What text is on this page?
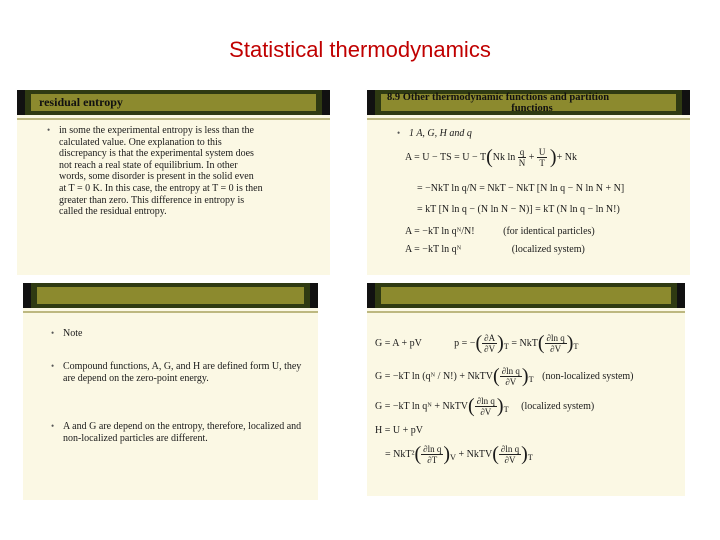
Statistical thermodynamics
residual entropy
• in some the experimental entropy is less than the
calculated value. One explanation to this
discrepancy is that the experimental system does
not reach a real state of equilibrium. In other
words, some disorder is present in the solid even
at T = 0 K. In this case, the entropy at T = 0 is then
greater than zero. This difference in entropy is
called the residual entropy.
8.9 Other thermodynamic functions and partition
functions
• 1 A, G, H and q
A = U − TS = U − T(Nk $\ln \frac{q}{N} + \frac{U}{T}$ )+ Nk
= −NkT ln q/N = NkT − NkT [N ln q − N ln N + N]
= kT [N ln q − (N ln N − N)] = kT (N ln q − ln N!)
A = −kT ln qᴺ/N!	(for identical particles)
A = −kT ln qᴺ	(localized system)
• Note
• Compound functions, A, G, and H are defined form U, they are depend on the zero-point energy.
• A and G are depend on the entropy, therefore, localized and non-localized particles are different.
G = A + pV	p = −( $\frac{\partial A}{\partial V} )_T = NkT( \frac{\text{∂ln q}}{\partial V} )_T$
G = −kT ln (qᴺ / N!) + NkTV( $\frac{\text{∂ln q}}{\partial V} )_T$ (non-localized system)
G = −kT ln qᴺ + NkTV( $\frac{\text{∂ln q}}{\partial V} )_T$ (localized system)
H = U + pV
= $NkT^2( \frac{\text{∂ln q}}{\partial T} )_V$ + NkTV( $\frac{\text{∂ln q}}{\partial V} )_T$
